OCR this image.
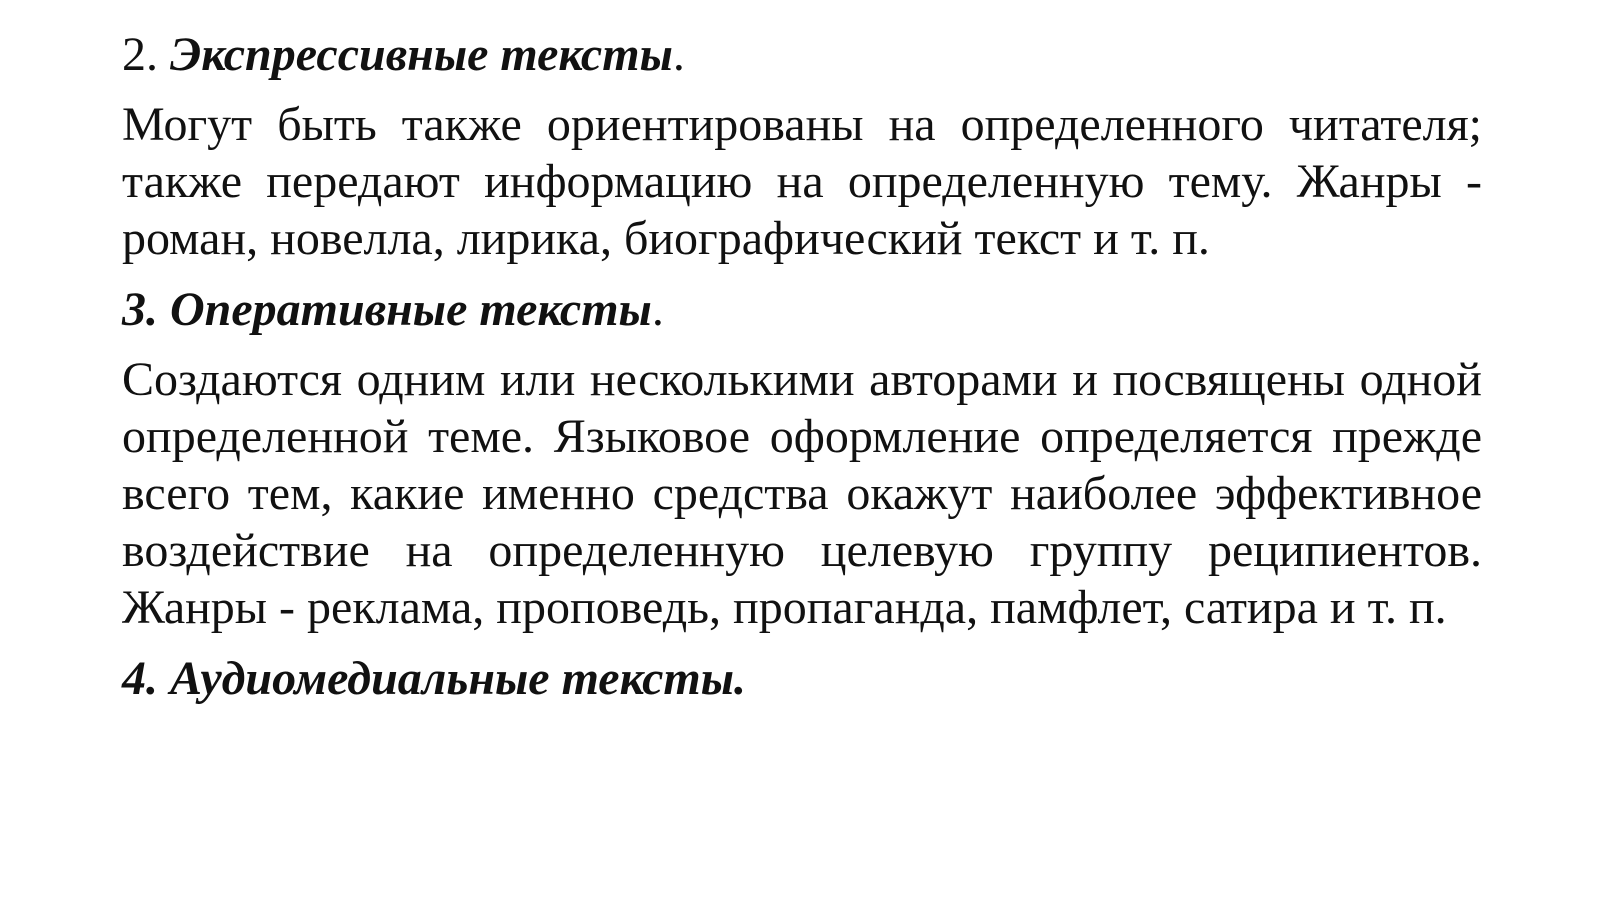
2. Экспрессивные тексты.

Могут быть также ориентированы на определенного читателя; также передают информацию на определенную тему. Жанры - роман, новелла, лирика, биографический текст и т. п.

3. Оперативные тексты.

Создаются одним или несколькими авторами и посвящены одной определенной теме. Языковое оформление определяется прежде всего тем, какие именно средства окажут наиболее эффективное воздействие на определенную целевую группу реципиентов. Жанры - реклама, проповедь, пропаганда, памфлет, сатира и т. п.

4. Аудиомедиальные тексты.
